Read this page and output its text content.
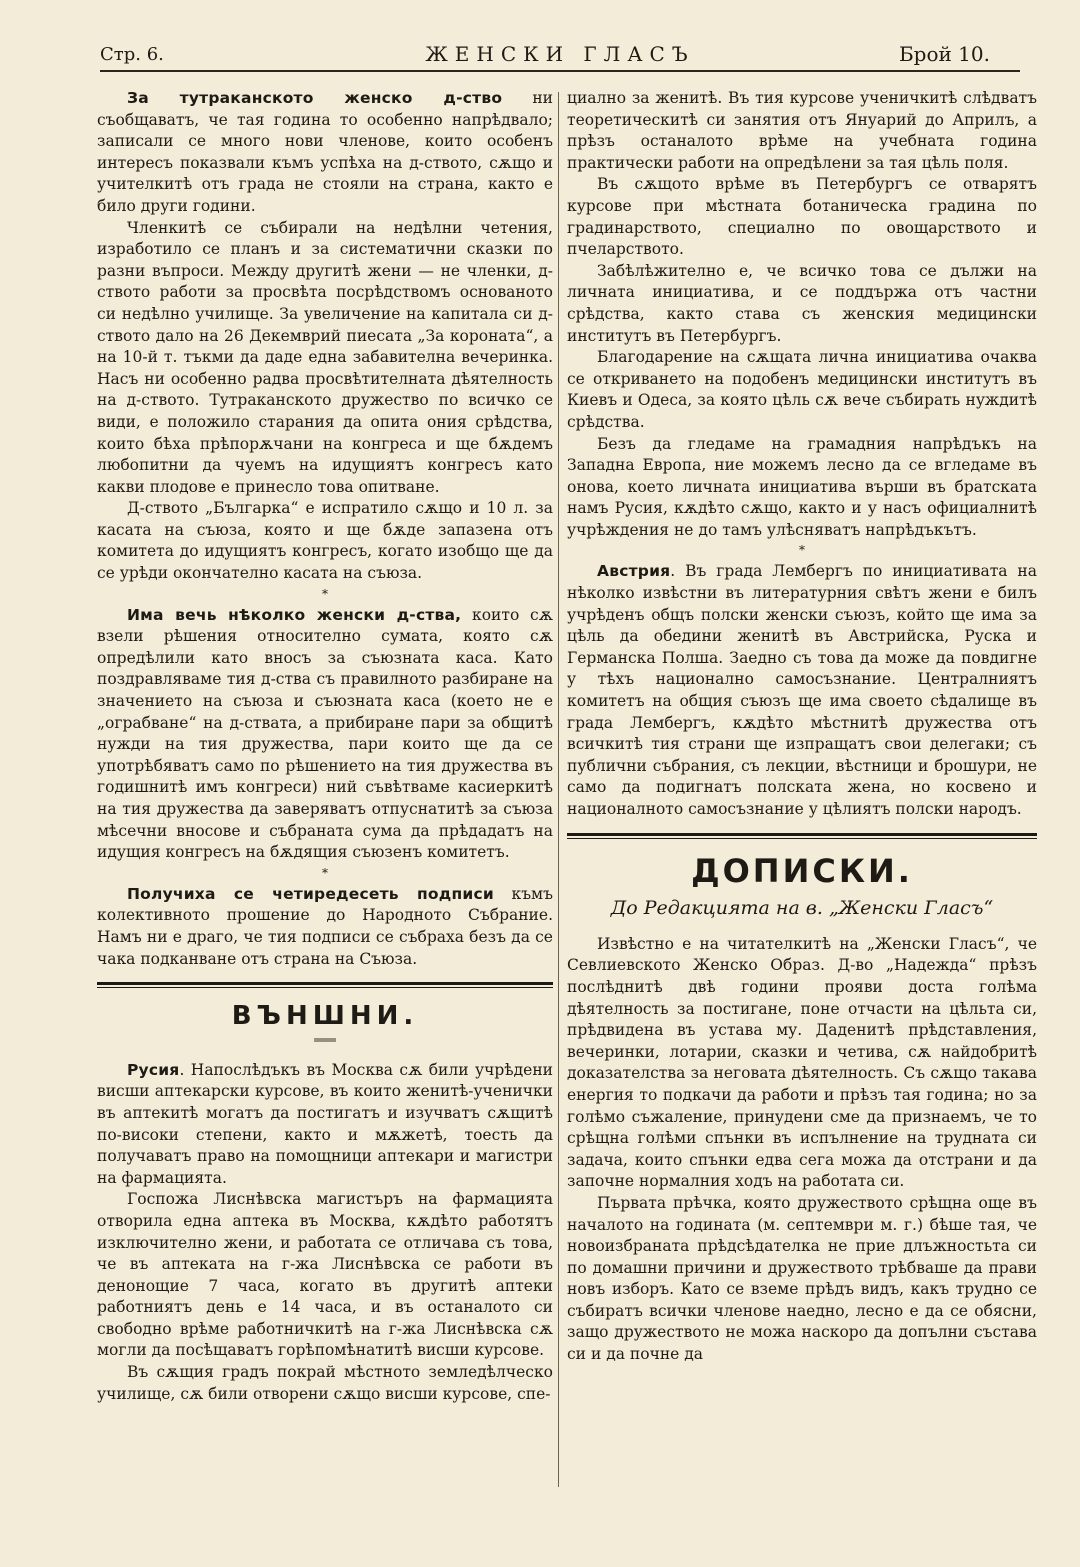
Стр. 6.	ЖЕНСКИ ГЛАСЪ	Брой 10.

За тутраканското женско д-ство ни съобщаватъ, че тая година то особенно напрѣдвало; записали се много нови членове, които особенъ интересъ показвали къмъ успѣха на д-ството, сѫщо и учителкитѣ отъ града не стояли на страна, както е било други години.

Членкитѣ се събирали на недѣлни четения, изработило се планъ и за систематични сказки по разни въпроси. Между другитѣ жени — не членки, д-ството работи за просвѣта посрѣдствомъ основаното си недѣлно училище. За увеличение на капитала си д-ството дало на 26 Декемврий пиесата „За короната“, а на 10-й т. тъкми да даде една забавителна вечеринка. Насъ ни особенно радва просвѣтителната дѣятелность на д-ството. Тутраканското дружество по всичко се види, е положило старания да опита ония срѣдства, които бѣха прѣпорѫчани на конгреса и ще бѫдемъ любопитни да чуемъ на идущиятъ конгресъ като какви плодове е принесло това опитване.

Д-ството „Българка“ е испратило сѫщо и 10 л. за касата на съюза, която и ще бѫде запазена отъ комитета до идущиятъ конгресъ, когато изобщо ще да се урѣди окончателно касата на съюза.

*

Има вечь нѣколко женски д-ства, които сѫ взели рѣшения относително сумата, която сѫ опредѣлили като вносъ за съюзната каса. Като поздравляваме тия д-ства съ правилното разбиране на значението на съюза и съюзната каса (което не е „ограбване“ на д-ствата, а прибиране пари за общитѣ нужди на тия дружества, пари които ще да се употрѣбяватъ само по рѣшението на тия дружества въ годишнитѣ имъ конгреси) ний съвѣтваме касиеркитѣ на тия дружества да заверяватъ отпуснатитѣ за съюза мѣсечни вносове и събраната сума да прѣдадатъ на идущия конгресъ на бѫдящия съюзенъ комитетъ.

*

Получиха се четиредесеть подписи къмъ колективното прошение до Народното Събрание. Намъ ни е драго, че тия подписи се събраха безъ да се чака подканване отъ страна на Съюза.

ВЪНШНИ.
═══

Русия. Напослѣдъкъ въ Москва сѫ били учрѣдени висши аптекарски курсове, въ които женитѣ-ученички въ аптекитѣ могатъ да постигатъ и изучватъ сѫщитѣ по-високи степени, както и мѫжетѣ, тоесть да получаватъ право на помощници аптекари и магистри на фармацията.

Госпожа Лиснѣвска магистъръ на фармацията отворила една аптека въ Москва, кѫдѣто работятъ изключително жени, и работата се отличава съ това, че въ аптеката на г-жа Лиснѣвска се работи въ денонощие 7 часа, когато въ другитѣ аптеки работниятъ день е 14 часа, и въ останалото си свободно врѣме работничкитѣ на г-жа Лиснѣвска сѫ могли да посѣщаватъ горѣпомѣнатитѣ висши курсове.

Въ сѫщия градъ покрай мѣстното земледѣлческо училище, сѫ били отворени сѫщо висши курсове, спе-

циално за женитѣ. Въ тия курсове ученичкитѣ слѣдватъ теоретическитѣ си занятия отъ Януарий до Априлъ, а прѣзъ останалото врѣме на учебната година практически работи на опредѣлени за тая цѣль поля.

Въ сѫщото врѣме въ Петербургъ се отварятъ курсове при мѣстната ботаническа градина по градинарството, специално по овощарството и пчеларството.

Забѣлѣжително е, че всичко това се дължи на личната инициатива, и се поддържа отъ частни срѣдства, както става съ женския медицински институтъ въ Петербургъ.

Благодарение на сѫщата лична инициатива очаква се откриването на подобенъ медицински институтъ въ Киевъ и Одеса, за която цѣль сѫ вече събирать нуждитѣ срѣдства.

Безъ да гледаме на грамадния напрѣдъкъ на Западна Европа, ние можемъ лесно да се вгледаме въ онова, което личната инициатива върши въ братската намъ Русия, кѫдѣто сѫщо, както и у насъ официалнитѣ учрѣждения не до тамъ улѣсняватъ напрѣдъкътъ.

*

Австрия. Въ града Лембергъ по инициативата на нѣколко извѣстни въ литературния свѣтъ жени е билъ учрѣденъ общъ полски женски съюзъ, който ще има за цѣль да обедини женитѣ въ Австрийска, Руска и Германска Полша. Заедно съ това да може да повдигне у тѣхъ национално самосъзнание. Централниятъ комитетъ на общия съюзъ ще има своето сѣдалище въ града Лембергъ, кѫдѣто мѣстнитѣ дружества отъ всичкитѣ тия страни ще изпращатъ свои делегаки; съ публични събрания, съ лекции, вѣстници и брошури, не само да подигнатъ полската жена, но косвено и националното самосъзнание у цѣлиятъ полски народъ.

ДОПИСКИ.
До Редакцията на в. „Женски Гласъ“

Извѣстно е на читателкитѣ на „Женски Гласъ“, че Севлиевското Женско Образ. Д-во „Надежда“ прѣзъ послѣднитѣ двѣ години прояви доста голѣма дѣятелность за постигане, поне отчасти на цѣльта си, прѣдвидена въ устава му. Даденитѣ прѣдставления, вечеринки, лотарии, сказки и четива, сѫ найдобритѣ доказателства за неговата дѣятелность. Съ сѫщо такава енергия то подкачи да работи и прѣзъ тая година; но за голѣмо съжаление, принудени сме да признаемъ, че то срѣщна голѣми спънки въ испълнение на трудната си задача, които спънки едва сега можа да отстрани и да започне нормалния ходъ на работата си.

Първата прѣчка, която дружеството срѣщна още въ началото на годината (м. септември м. г.) бѣше тая, че новоизбраната прѣдсѣдателка не прие длъжностьта си по домашни причини и дружеството трѣбваше да прави новъ изборъ. Като се вземе прѣдъ видъ, какъ трудно се събиратъ всички членове наедно, лесно е да се обясни, защо дружеството не можа наскоро да допълни състава си и да почне да
